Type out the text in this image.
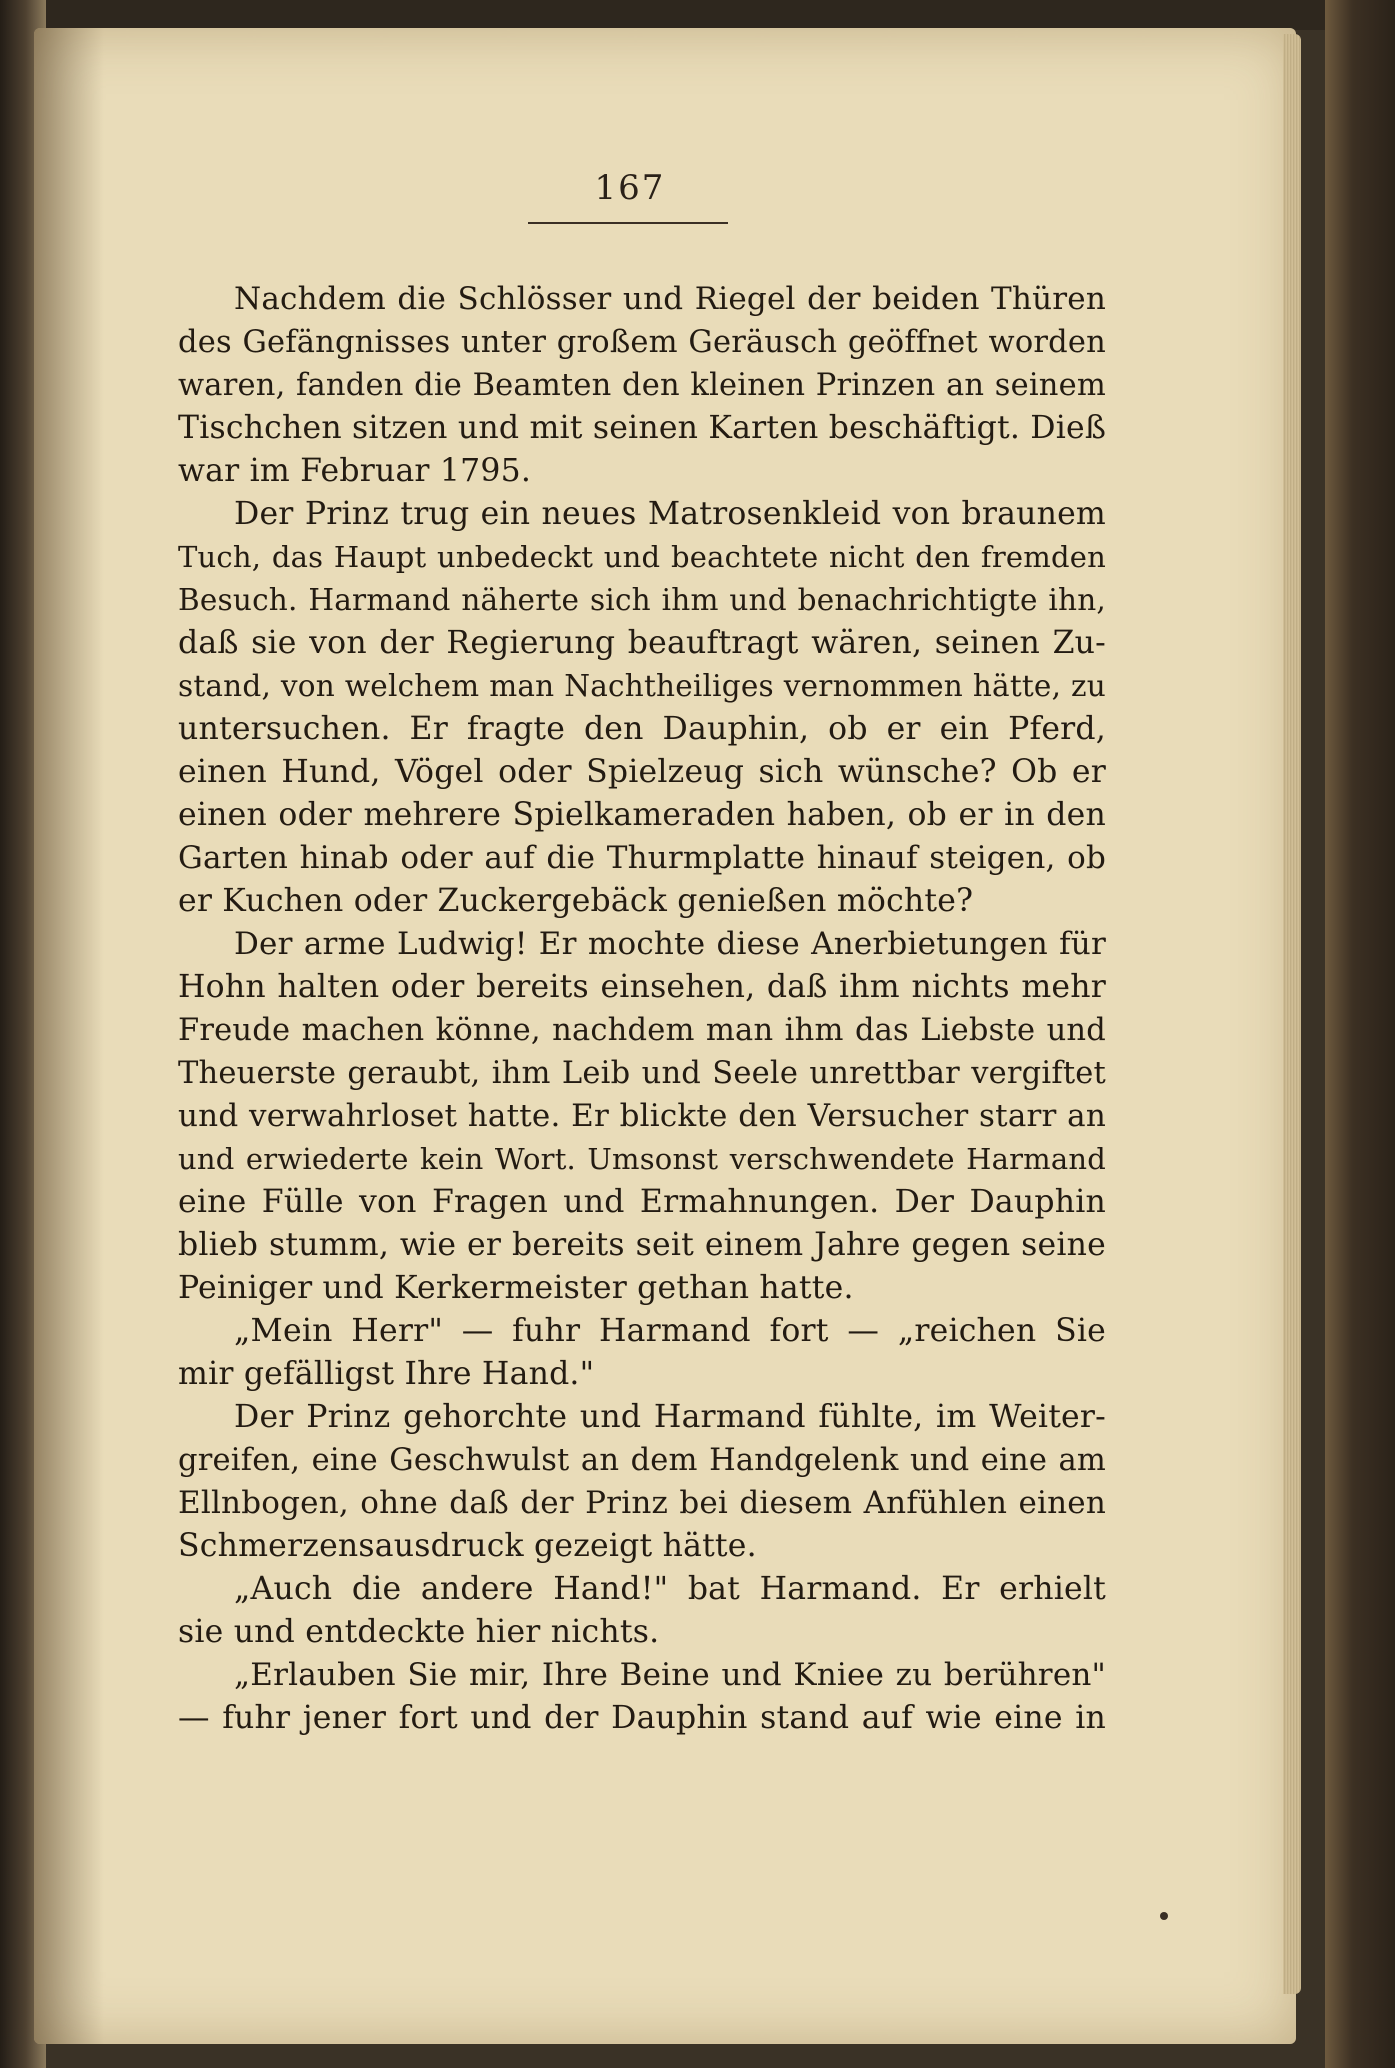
167
Nachdem die Schlösser und Riegel der beiden Thüren
des Gefängnisses unter großem Geräusch geöffnet worden
waren, fanden die Beamten den kleinen Prinzen an seinem
Tischchen sitzen und mit seinen Karten beschäftigt. Dieß
war im Februar 1795.
Der Prinz trug ein neues Matrosenkleid von braunem
Tuch, das Haupt unbedeckt und beachtete nicht den fremden
Besuch. Harmand näherte sich ihm und benachrichtigte ihn,
daß sie von der Regierung beauftragt wären, seinen Zu-
stand, von welchem man Nachtheiliges vernommen hätte, zu
untersuchen. Er fragte den Dauphin, ob er ein Pferd,
einen Hund, Vögel oder Spielzeug sich wünsche? Ob er
einen oder mehrere Spielkameraden haben, ob er in den
Garten hinab oder auf die Thurmplatte hinauf steigen, ob
er Kuchen oder Zuckergebäck genießen möchte?
Der arme Ludwig! Er mochte diese Anerbietungen für
Hohn halten oder bereits einsehen, daß ihm nichts mehr
Freude machen könne, nachdem man ihm das Liebste und
Theuerste geraubt, ihm Leib und Seele unrettbar vergiftet
und verwahrloset hatte. Er blickte den Versucher starr an
und erwiederte kein Wort. Umsonst verschwendete Harmand
eine Fülle von Fragen und Ermahnungen. Der Dauphin
blieb stumm, wie er bereits seit einem Jahre gegen seine
Peiniger und Kerkermeister gethan hatte.
„Mein Herr" — fuhr Harmand fort — „reichen Sie
mir gefälligst Ihre Hand."
Der Prinz gehorchte und Harmand fühlte, im Weiter-
greifen, eine Geschwulst an dem Handgelenk und eine am
Ellnbogen, ohne daß der Prinz bei diesem Anfühlen einen
Schmerzensausdruck gezeigt hätte.
„Auch die andere Hand!" bat Harmand. Er erhielt
sie und entdeckte hier nichts.
„Erlauben Sie mir, Ihre Beine und Kniee zu berühren"
— fuhr jener fort und der Dauphin stand auf wie eine in
